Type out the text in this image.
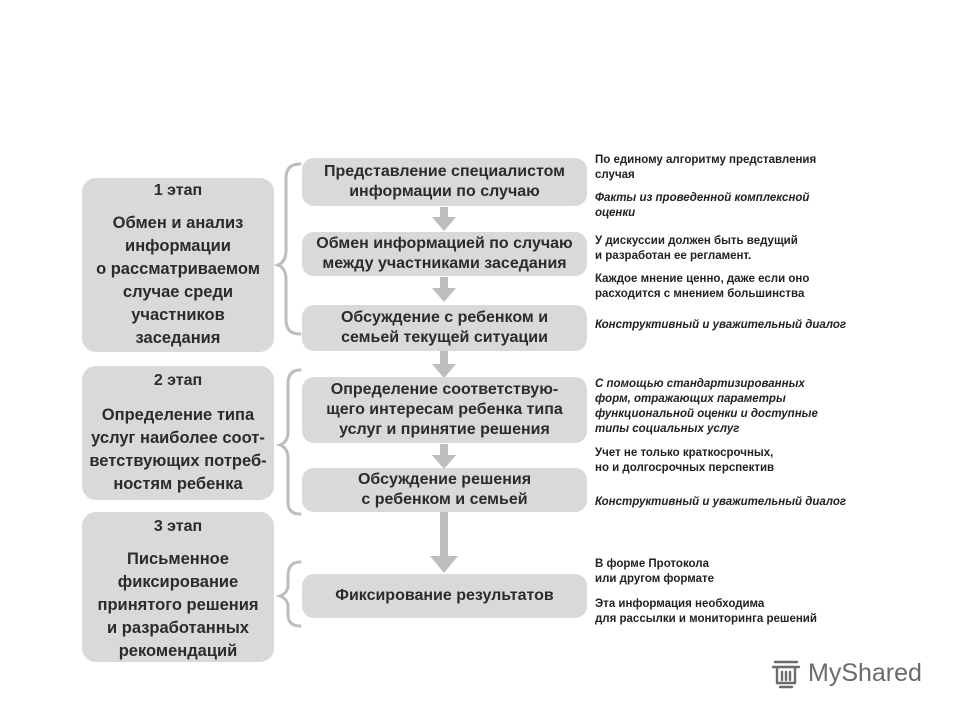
1 этап
Обмен и анализ
информации
о рассматриваемом
случае среди
участников
заседания
2 этап
Определение типа
услуг наиболее соот-
ветствующих потреб-
ностям ребенка
3 этап
Письменное
фиксирование
принятого решения
и разработанных
рекомендаций
Представление специалистом
информации по случаю
Обмен информацией по случаю
между участниками заседания
Обсуждение с ребенком и
семьей текущей ситуации
Определение соответствую-
щего интересам ребенка типа
услуг и принятие решения
Обсуждение решения
с ребенком и семьей
Фиксирование результатов
По единому алгоритму представления
случая
Факты из проведенной комплексной
оценки
У дискуссии должен быть ведущий
и разработан ее регламент.
Каждое мнение ценно, даже если оно
расходится с мнением большинства
Конструктивный и уважительный диалог
С помощью стандартизированных
форм, отражающих параметры
функциональной оценки и доступные
типы социальных услуг
Учет не только краткосрочных,
но и долгосрочных перспектив
Конструктивный и уважительный диалог
В форме Протокола
или другом формате
Эта информация необходима
для рассылки и мониторинга решений
MyShared
